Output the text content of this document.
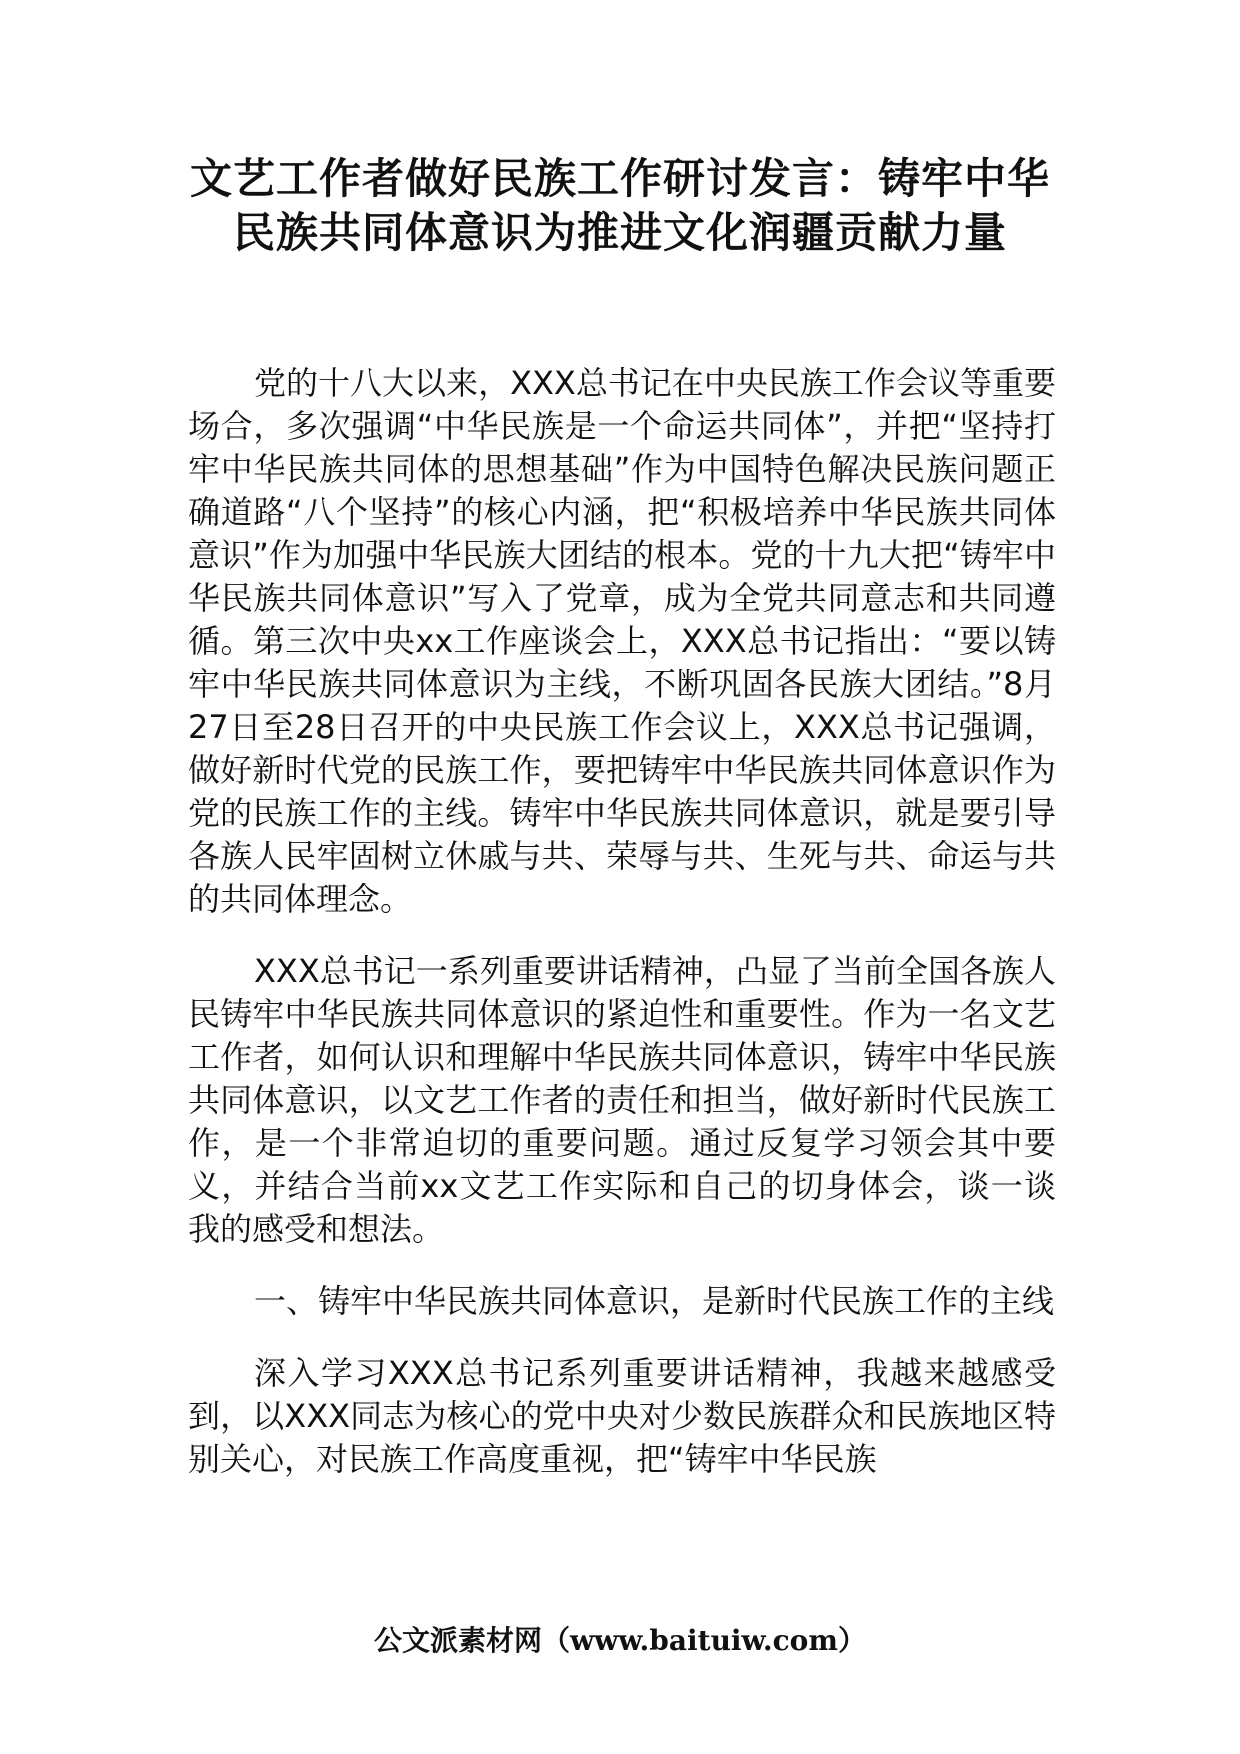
文艺工作者做好民族工作研讨发言：铸牢中华民族共同体意识为推进文化润疆贡献力量

党的十八大以来，XXX总书记在中央民族工作会议等重要场合，多次强调“中华民族是一个命运共同体”，并把“坚持打牢中华民族共同体的思想基础”作为中国特色解决民族问题正确道路“八个坚持”的核心内涵，把“积极培养中华民族共同体意识”作为加强中华民族大团结的根本。党的十九大把“铸牢中华民族共同体意识”写入了党章，成为全党共同意志和共同遵循。第三次中央xx工作座谈会上，XXX总书记指出：“要以铸牢中华民族共同体意识为主线，不断巩固各民族大团结。”8月27日至28日召开的中央民族工作会议上，XXX总书记强调，做好新时代党的民族工作，要把铸牢中华民族共同体意识作为党的民族工作的主线。铸牢中华民族共同体意识，就是要引导各族人民牢固树立休戚与共、荣辱与共、生死与共、命运与共的共同体理念。

XXX总书记一系列重要讲话精神，凸显了当前全国各族人民铸牢中华民族共同体意识的紧迫性和重要性。作为一名文艺工作者，如何认识和理解中华民族共同体意识，铸牢中华民族共同体意识，以文艺工作者的责任和担当，做好新时代民族工作，是一个非常迫切的重要问题。通过反复学习领会其中要义，并结合当前xx文艺工作实际和自己的切身体会，谈一谈我的感受和想法。

一、铸牢中华民族共同体意识，是新时代民族工作的主线

深入学习XXX总书记系列重要讲话精神，我越来越感受到，以XXX同志为核心的党中央对少数民族群众和民族地区特别关心，对民族工作高度重视，把“铸牢中华民族

公文派素材网（www.baituiw.com）
